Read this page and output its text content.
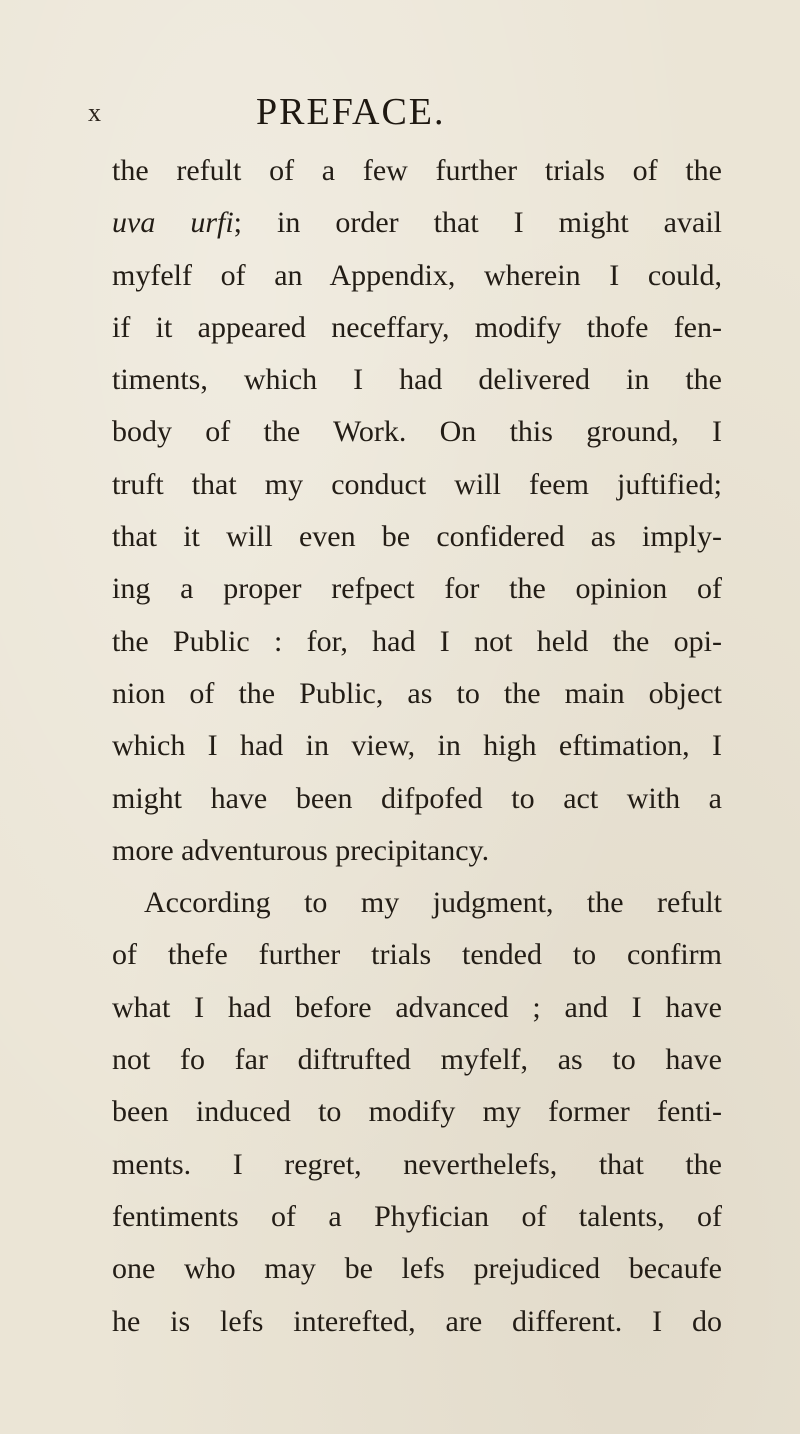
x	PREFACE.
the refult of a few further trials of the
uva urfi; in order that I might avail
myfelf of an Appendix, wherein I could,
if it appeared neceffary, modify thofe fen-
timents, which I had delivered in the
body of the Work. On this ground, I
truft that my conduct will feem juftified;
that it will even be confidered as imply-
ing a proper refpect for the opinion of
the Public : for, had I not held the opi-
nion of the Public, as to the main object
which I had in view, in high eftimation, I
might have been difpofed to act with a
more adventurous precipitancy.
According to my judgment, the refult
of thefe further trials tended to confirm
what I had before advanced ; and I have
not fo far diftrufted myfelf, as to have
been induced to modify my former fenti-
ments. I regret, neverthelefs, that the
fentiments of a Phyfician of talents, of
one who may be lefs prejudiced becaufe
he is lefs interefted, are different. I do
